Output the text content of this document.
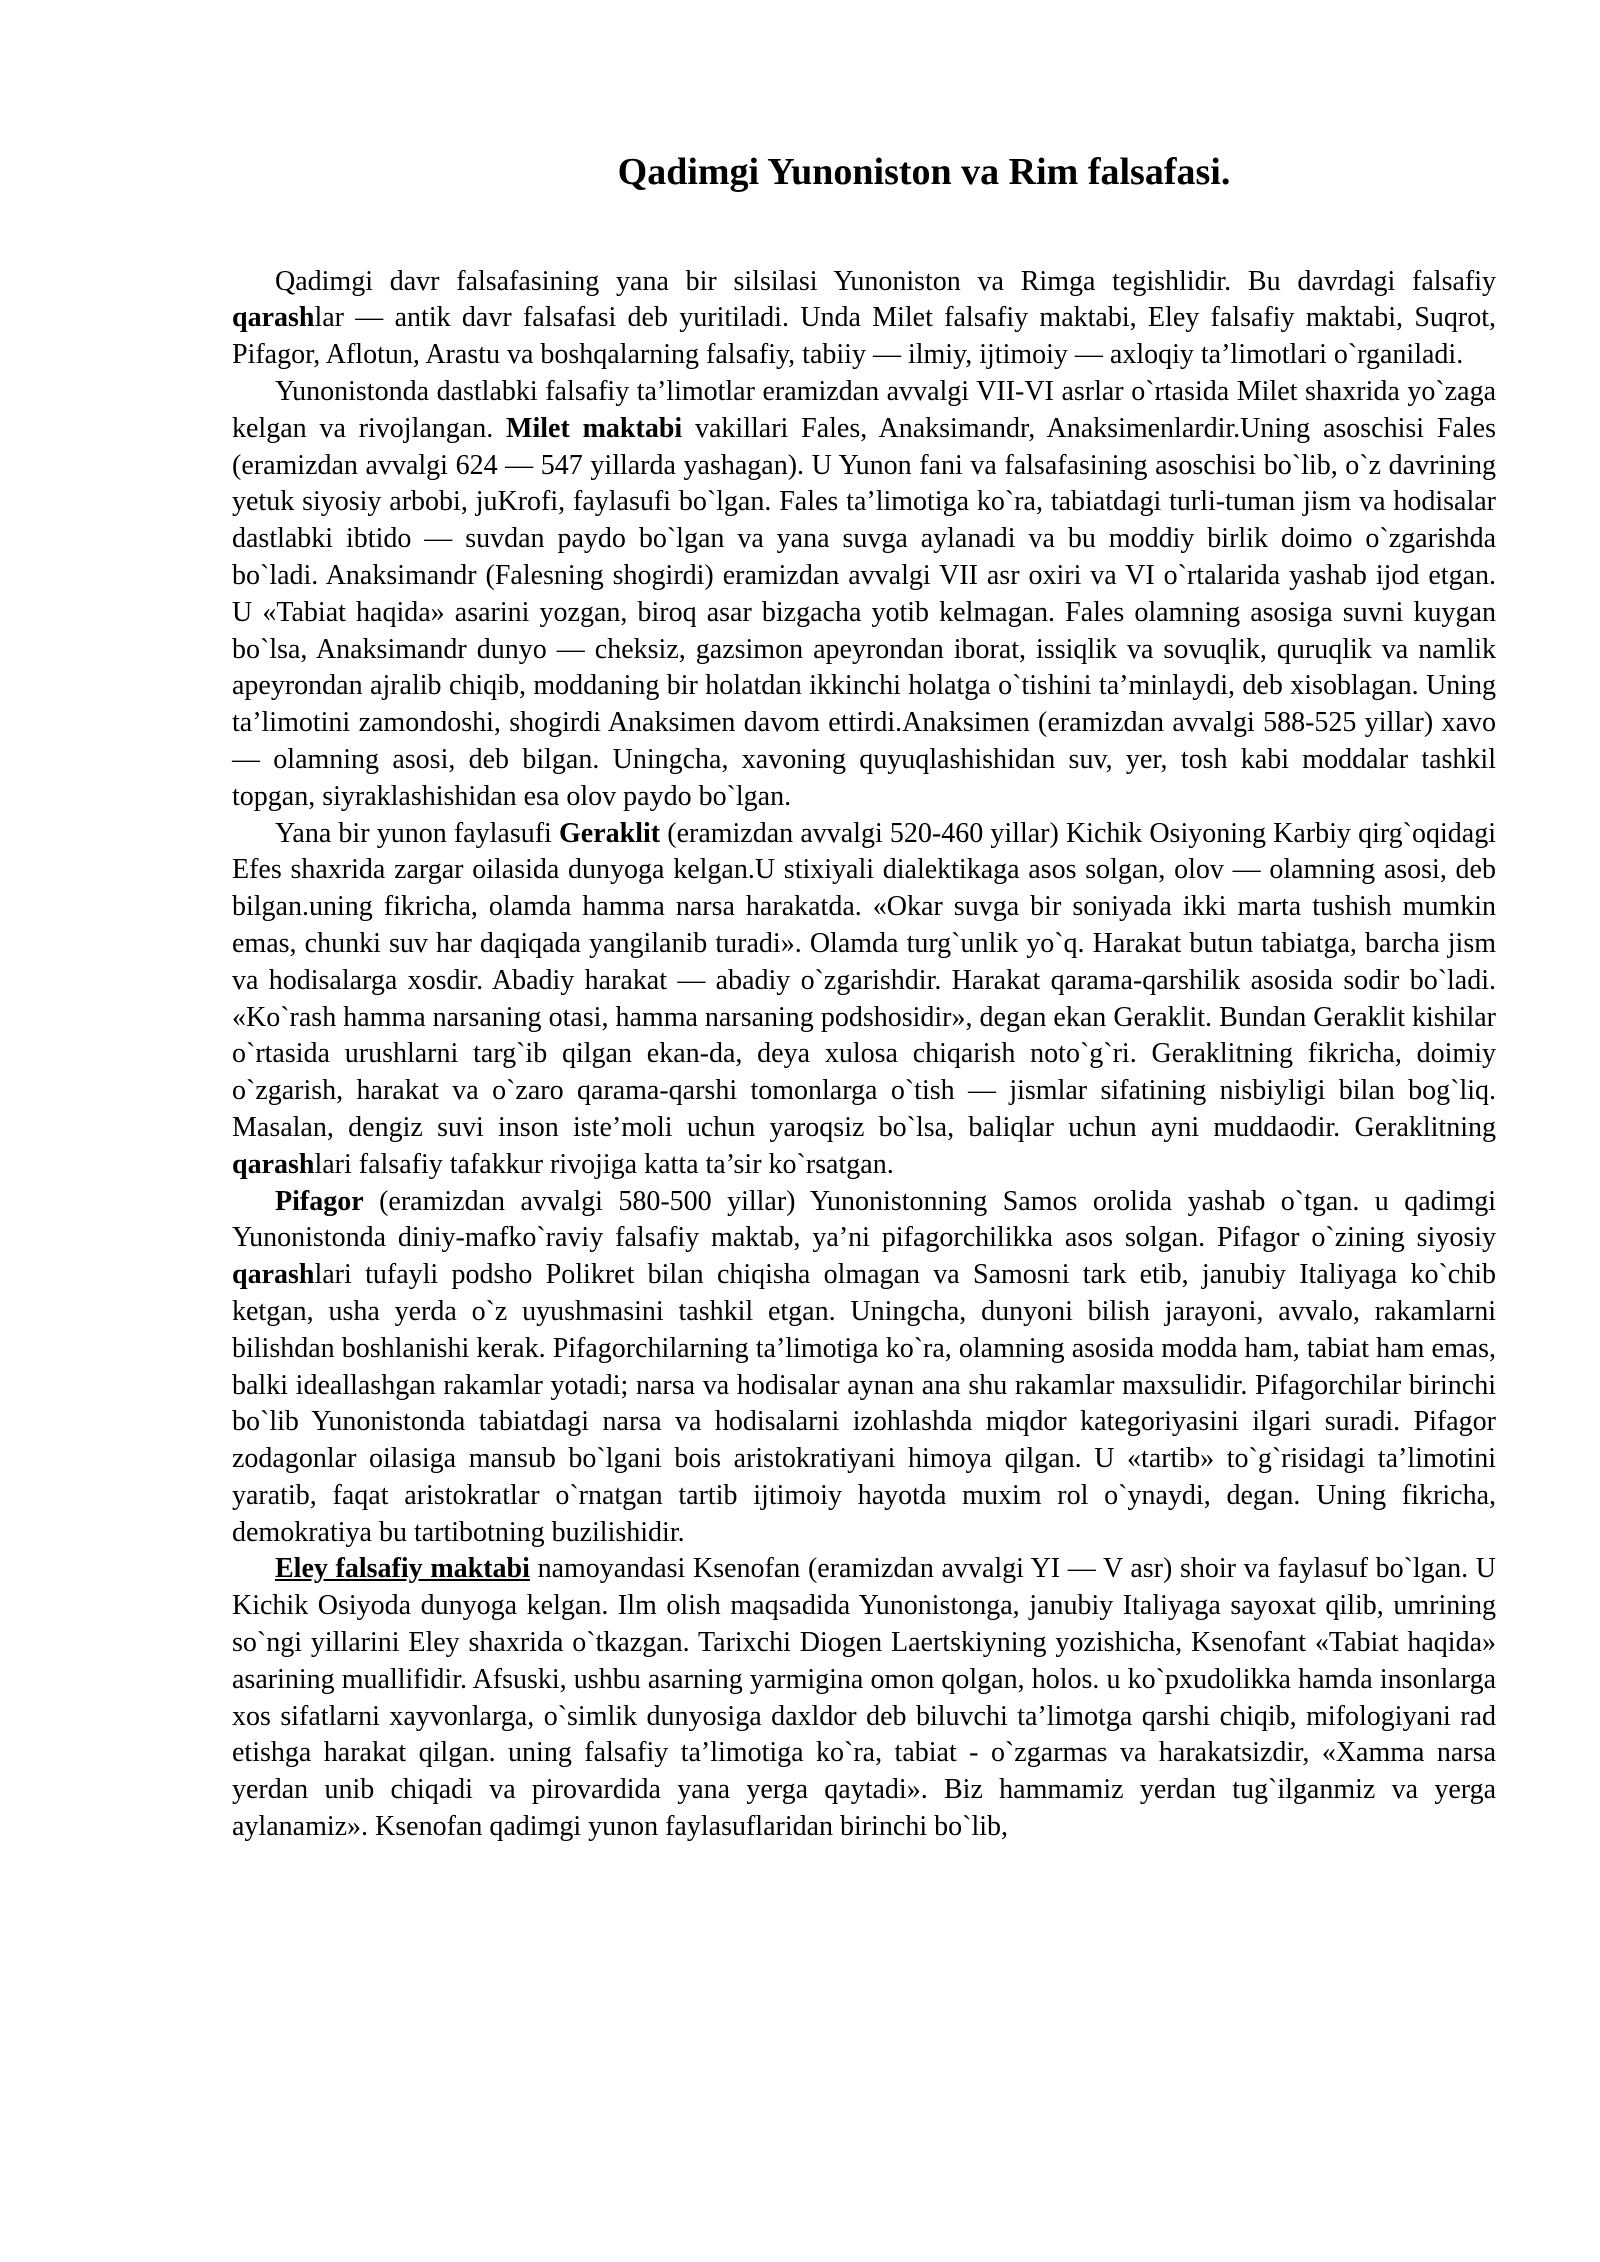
Qadimgi Yunoniston va Rim falsafasi.

Qadimgi davr falsafasining yana bir silsilasi Yunoniston va Rimga tegishlidir. Bu davrdagi falsafiy qarashlar — antik davr falsafasi deb yuritiladi. Unda Milet falsafiy maktabi, Eley falsafiy maktabi, Suqrot, Pifagor, Aflotun, Arastu va boshqalarning falsafiy, tabiiy — ilmiy, ijtimoiy — axloqiy ta’limotlari o`rganiladi.

Yunonistonda dastlabki falsafiy ta’limotlar eramizdan avvalgi VII-VI asrlar o`rtasida Milet shaxrida yo`zaga kelgan va rivojlangan. Milet maktabi vakillari Fales, Anaksimandr, Anaksimenlardir.Uning asoschisi Fales (eramizdan avvalgi 624 — 547 yillarda yashagan). U Yunon fani va falsafasining asoschisi bo`lib, o`z davrining yetuk siyosiy arbobi, juKrofi, faylasufi bo`lgan. Fales ta’limotiga ko`ra, tabiatdagi turli-tuman jism va hodisalar dastlabki ibtido — suvdan paydo bo`lgan va yana suvga aylanadi va bu moddiy birlik doimo o`zgarishda bo`ladi. Anaksimandr (Falesning shogirdi) eramizdan avvalgi VII asr oxiri va VI o`rtalarida yashab ijod etgan. U «Tabiat haqida» asarini yozgan, biroq asar bizgacha yotib kelmagan. Fales olamning asosiga suvni kuygan bo`lsa, Anaksimandr dunyo — cheksiz, gazsimon apeyrondan iborat, issiqlik va sovuqlik, quruqlik va namlik apeyrondan ajralib chiqib, moddaning bir holatdan ikkinchi holatga o`tishini ta’minlaydi, deb xisoblagan. Uning ta’limotini zamondoshi, shogirdi Anaksimen davom ettirdi.Anaksimen (eramizdan avvalgi 588-525 yillar) xavo — olamning asosi, deb bilgan. Uningcha, xavoning quyuqlashishidan suv, yer, tosh kabi moddalar tashkil topgan, siyraklashishidan esa olov paydo bo`lgan.

Yana bir yunon faylasufi Geraklit (eramizdan avvalgi 520-460 yillar) Kichik Osiyoning Karbiy qirg`oqidagi Efes shaxrida zargar oilasida dunyoga kelgan.U stixiyali dialektikaga asos solgan, olov — olamning asosi, deb bilgan.uning fikricha, olamda hamma narsa harakatda. «Okar suvga bir soniyada ikki marta tushish mumkin emas, chunki suv har daqiqada yangilanib turadi». Olamda turg`unlik yo`q. Harakat butun tabiatga, barcha jism va hodisalarga xosdir. Abadiy harakat — abadiy o`zgarishdir. Harakat qarama-qarshilik asosida sodir bo`ladi. «Ko`rash hamma narsaning otasi, hamma narsaning podshosidir», degan ekan Geraklit. Bundan Geraklit kishilar o`rtasida urushlarni targ`ib qilgan ekan-da, deya xulosa chiqarish noto`g`ri. Geraklitning fikricha, doimiy o`zgarish, harakat va o`zaro qarama-qarshi tomonlarga o`tish — jismlar sifatining nisbiyligi bilan bog`liq. Masalan, dengiz suvi inson iste’moli uchun yaroqsiz bo`lsa, baliqlar uchun ayni muddaodir. Geraklitning qarashlari falsafiy tafakkur rivojiga katta ta’sir ko`rsatgan.

Pifagor (eramizdan avvalgi 580-500 yillar) Yunonistonning Samos orolida yashab o`tgan. u qadimgi Yunonistonda diniy-mafko`raviy falsafiy maktab, ya’ni pifagorchilikka asos solgan. Pifagor o`zining siyosiy qarashlari tufayli podsho Polikret bilan chiqisha olmagan va Samosni tark etib, janubiy Italiyaga ko`chib ketgan, usha yerda o`z uyushmasini tashkil etgan. Uningcha, dunyoni bilish jarayoni, avvalo, rakamlarni bilishdan boshlanishi kerak. Pifagorchilarning ta’limotiga ko`ra, olamning asosida modda ham, tabiat ham emas, balki ideallashgan rakamlar yotadi; narsa va hodisalar aynan ana shu rakamlar maxsulidir. Pifagorchilar birinchi bo`lib Yunonistonda tabiatdagi narsa va hodisalarni izohlashda miqdor kategoriyasini ilgari suradi. Pifagor zodagonlar oilasiga mansub bo`lgani bois aristokratiyani himoya qilgan. U «tartib» to`g`risidagi ta’limotini yaratib, faqat aristokratlar o`rnatgan tartib ijtimoiy hayotda muxim rol o`ynaydi, degan. Uning fikricha, demokratiya bu tartibotning buzilishidir.

Eley falsafiy maktabi namoyandasi Ksenofan (eramizdan avvalgi YI — V asr) shoir va faylasuf bo`lgan. U Kichik Osiyoda dunyoga kelgan. Ilm olish maqsadida Yunonistonga, janubiy Italiyaga sayoxat qilib, umrining so`ngi yillarini Eley shaxrida o`tkazgan. Tarixchi Diogen Laertskiyning yozishicha, Ksenofant «Tabiat haqida» asarining muallifidir. Afsuski, ushbu asarning yarmigina omon qolgan, holos. u ko`pxudolikka hamda insonlarga xos sifatlarni xayvonlarga, o`simlik dunyosiga daxldor deb biluvchi ta’limotga qarshi chiqib, mifologiyani rad etishga harakat qilgan. uning falsafiy ta’limotiga ko`ra, tabiat - o`zgarmas va harakatsizdir, «Xamma narsa yerdan unib chiqadi va pirovardida yana yerga qaytadi». Biz hammamiz yerdan tug`ilganmiz va yerga aylanamiz». Ksenofan qadimgi yunon faylasuflaridan birinchi bo`lib,
